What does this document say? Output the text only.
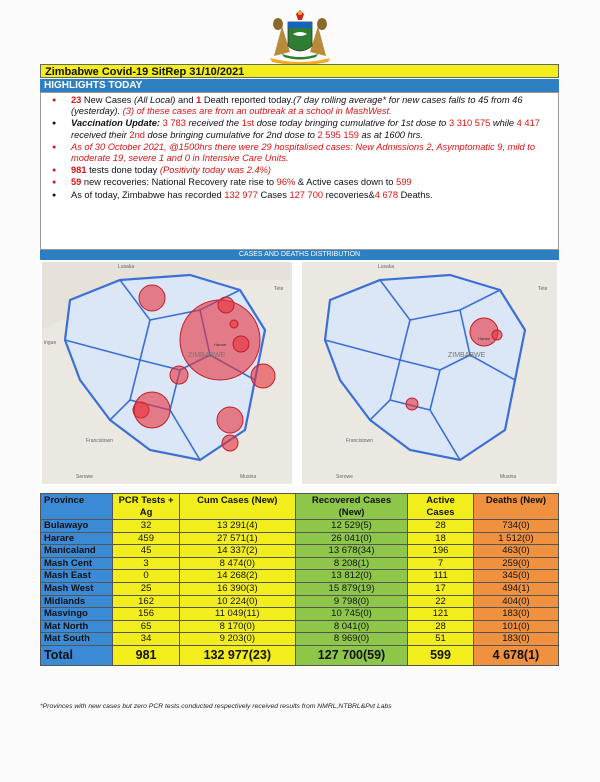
Zimbabwe Covid-19 SitRep 31/10/2021
HIGHLIGHTS TODAY
● 23 New Cases (All Local) and 1 Death reported today.(7 day rolling average* for new cases falls to 45 from 46 (yesterday). (3) of these cases are from an outbreak at a school in MashWest.
● Vaccination Update: 3 783 received the 1st dose today bringing cumulative for 1st dose to 3 310 575 while 4 417 received their 2nd dose bringing cumulative for 2nd dose to 2 595 159 as at 1600 hrs.
● As of 30 October 2021, @1500hrs there were 29 hospitalised cases: New Admissions 2, Asymptomatic 9, mild to moderate 19, severe 1 and 0 in Intensive Care Units.
● 981 tests done today (Positivity today was 2.4%)
● 59 new recoveries: National Recovery rate rise to 96% & Active cases down to 599
● As of today, Zimbabwe has recorded 132 977 Cases 127 700 recoveries&4 678 Deaths.
CASES AND DEATHS DISTRIBUTION
Lusaka
Tete
ingue
ZIMBABWE
Harare
Francistown
Serowe	Musina
Lusaka
Tete
ZIMBABWE
Harare
Francistown
Serowe	Musina
Province	PCR Tests + Ag	Cum Cases (New)	Recovered Cases (New)	Active Cases	Deaths (New)
Bulawayo	32	13 291(4)	12 529(5)	28	734(0)
Harare	459	27 571(1)	26 041(0)	18	1 512(0)
Manicaland	45	14 337(2)	13 678(34)	196	463(0)
Mash Cent	3	8 474(0)	8 208(1)	7	259(0)
Mash East	0	14 268(2)	13 812(0)	111	345(0)
Mash West	25	16 390(3)	15 879(19)	17	494(1)
Midlands	162	10 224(0)	9 798(0)	22	404(0)
Masvingo	156	11 049(11)	10 745(0)	121	183(0)
Mat North	65	8 170(0)	8 041(0)	28	101(0)
Mat South	34	9 203(0)	8 969(0)	51	183(0)
Total	981	132 977(23)	127 700(59)	599	4 678(1)
*Provinces with new cases but zero PCR tests conducted respectively received results from NMRL,NTBRL&Pvt Labs
